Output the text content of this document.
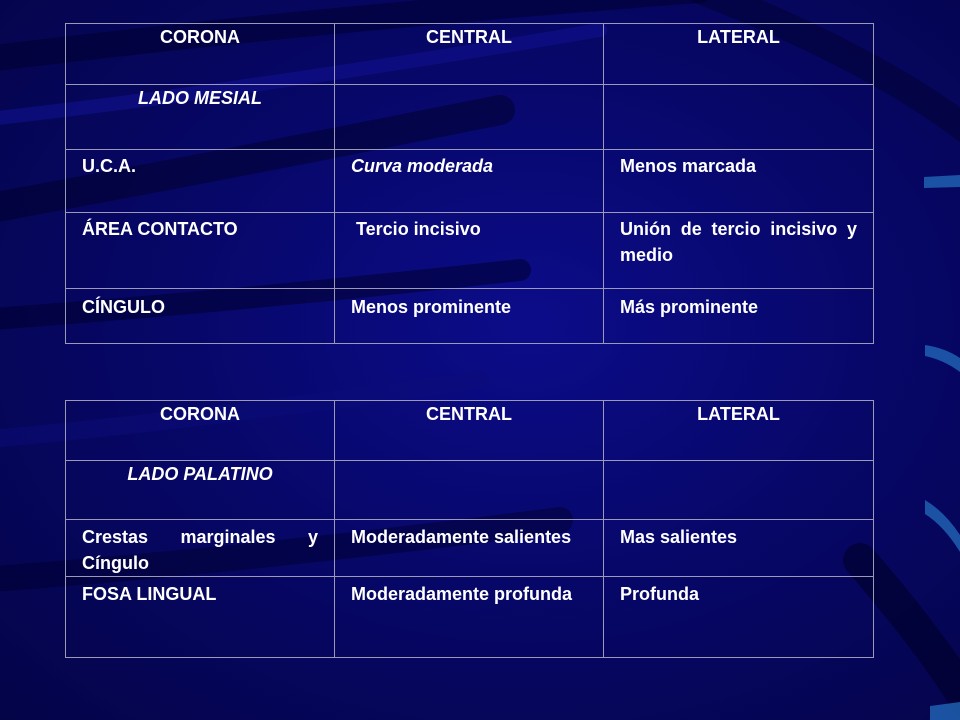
CORONA	CENTRAL	LATERAL
LADO MESIAL		
U.C.A.	Curva moderada	Menos marcada
ÁREA CONTACTO	Tercio incisivo	Unión de tercio incisivo y medio
CÍNGULO	Menos prominente	Más prominente
CORONA	CENTRAL	LATERAL
LADO PALATINO		
Crestas marginales y Cíngulo	Moderadamente salientes	Mas salientes
FOSA LINGUAL	Moderadamente profunda	Profunda
